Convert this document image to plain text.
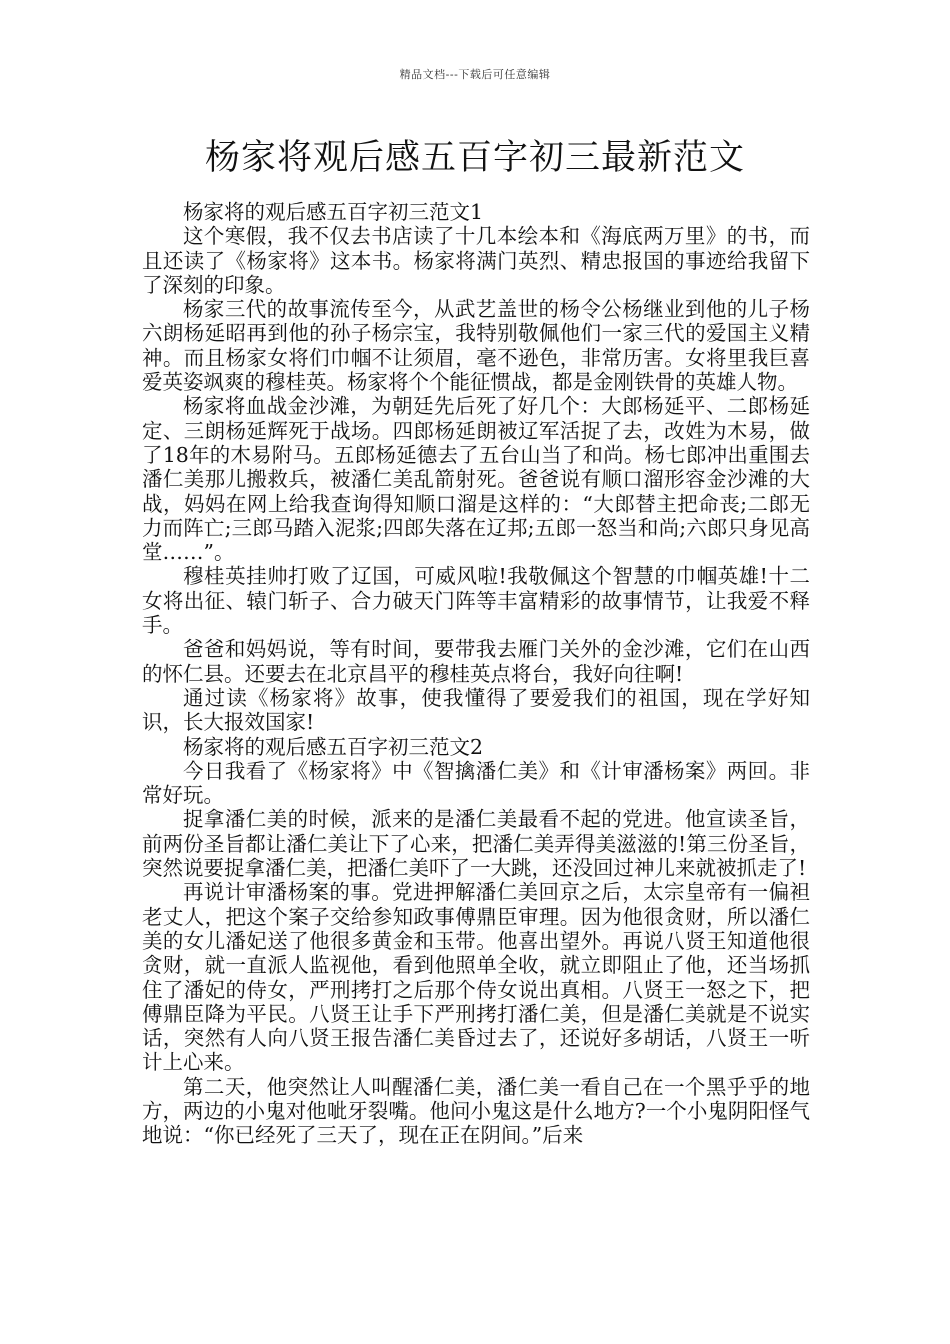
精品文档---下载后可任意编辑
杨家将观后感五百字初三最新范文

杨家将的观后感五百字初三范文1

这个寒假，我不仅去书店读了十几本绘本和《海底两万里》的书，而且还读了《杨家将》这本书。杨家将满门英烈、精忠报国的事迹给我留下了深刻的印象。

杨家三代的故事流传至今，从武艺盖世的杨令公杨继业到他的儿子杨六朗杨延昭再到他的孙子杨宗宝，我特别敬佩他们一家三代的爱国主义精神。而且杨家女将们巾帼不让须眉，毫不逊色，非常历害。女将里我巨喜爱英姿飒爽的穆桂英。杨家将个个能征惯战，都是金刚铁骨的英雄人物。

杨家将血战金沙滩，为朝廷先后死了好几个：大郎杨延平、二郎杨延定、三朗杨延辉死于战场。四郎杨延朗被辽军活捉了去，改姓为木易，做了18年的木易附马。五郎杨延德去了五台山当了和尚。杨七郎冲出重围去潘仁美那儿搬救兵，被潘仁美乱箭射死。爸爸说有顺口溜形容金沙滩的大战，妈妈在网上给我查询得知顺口溜是这样的：“大郎替主把命丧;二郎无力而阵亡;三郎马踏入泥浆;四郎失落在辽邦;五郎一怒当和尚;六郎只身见高堂……”。

穆桂英挂帅打败了辽国，可威风啦!我敬佩这个智慧的巾帼英雄!十二女将出征、辕门斩子、合力破天门阵等丰富精彩的故事情节，让我爱不释手。

爸爸和妈妈说，等有时间，要带我去雁门关外的金沙滩，它们在山西的怀仁县。还要去在北京昌平的穆桂英点将台，我好向往啊!

通过读《杨家将》故事，使我懂得了要爱我们的祖国，现在学好知识，长大报效国家!

杨家将的观后感五百字初三范文2

今日我看了《杨家将》中《智擒潘仁美》和《计审潘杨案》两回。非常好玩。

捉拿潘仁美的时候，派来的是潘仁美最看不起的党进。他宣读圣旨，前两份圣旨都让潘仁美让下了心来，把潘仁美弄得美滋滋的!第三份圣旨，突然说要捉拿潘仁美，把潘仁美吓了一大跳，还没回过神儿来就被抓走了!

再说计审潘杨案的事。党进押解潘仁美回京之后，太宗皇帝有一偏袒老丈人，把这个案子交给参知政事傅鼎臣审理。因为他很贪财，所以潘仁美的女儿潘妃送了他很多黄金和玉带。他喜出望外。再说八贤王知道他很贪财，就一直派人监视他，看到他照单全收，就立即阻止了他，还当场抓住了潘妃的侍女，严刑拷打之后那个侍女说出真相。八贤王一怒之下，把傅鼎臣降为平民。八贤王让手下严刑拷打潘仁美，但是潘仁美就是不说实话，突然有人向八贤王报告潘仁美昏过去了，还说好多胡话，八贤王一听计上心来。

第二天，他突然让人叫醒潘仁美，潘仁美一看自己在一个黑乎乎的地方，两边的小鬼对他呲牙裂嘴。他问小鬼这是什么地方?一个小鬼阴阳怪气地说：“你已经死了三天了，现在正在阴间。”后来
